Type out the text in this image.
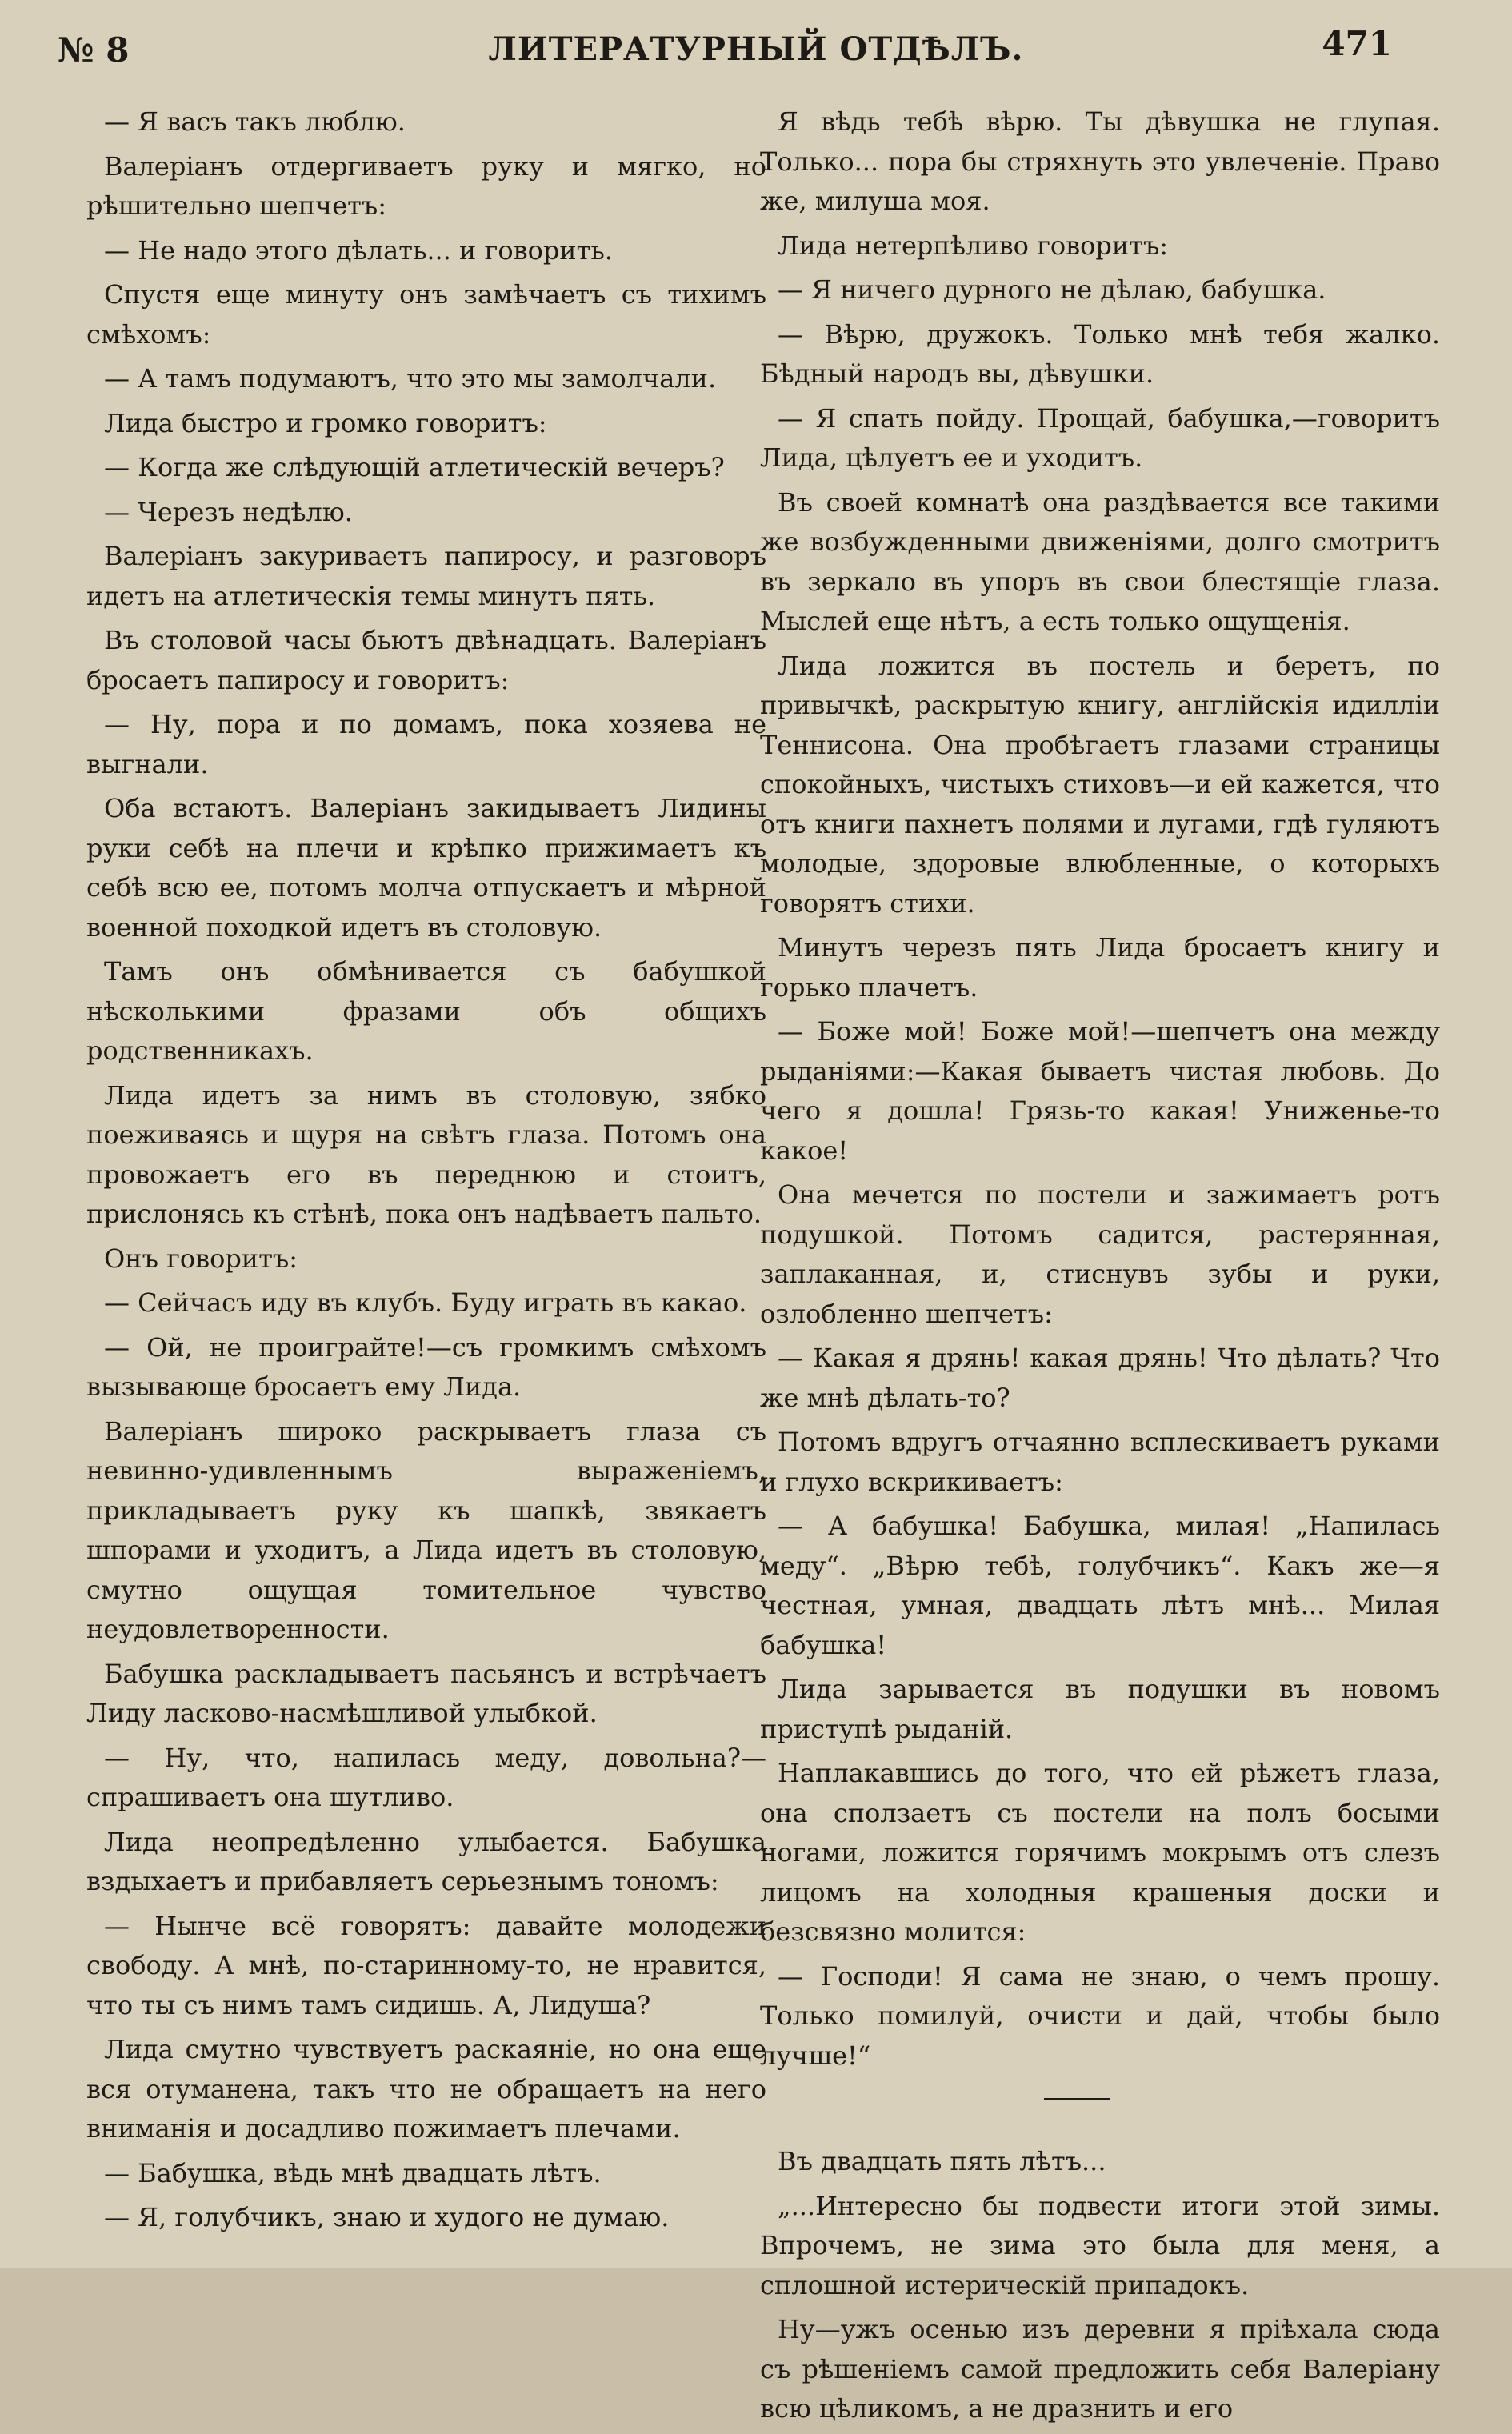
№ 8	ЛИТЕРАТУРНЫЙ ОТДѢЛЪ.	471

— Я васъ такъ люблю.

Валеріанъ отдергиваетъ руку и мягко, но рѣшительно шепчетъ:

— Не надо этого дѣлать... и говорить.

Спустя еще минуту онъ замѣчаетъ съ тихимъ смѣхомъ:

— А тамъ подумаютъ, что это мы замолчали.

Лида быстро и громко говоритъ:

— Когда же слѣдующій атлетическій вечеръ?

— Черезъ недѣлю.

Валеріанъ закуриваетъ папиросу, и разговоръ идетъ на атлетическія темы минутъ пять.

Въ столовой часы бьютъ двѣнадцать. Валеріанъ бросаетъ папиросу и говоритъ:

— Ну, пора и по домамъ, пока хозяева не выгнали.

Оба встаютъ. Валеріанъ закидываетъ Лидины руки себѣ на плечи и крѣпко прижимаетъ къ себѣ всю ее, потомъ молча отпускаетъ и мѣрной военной походкой идетъ въ столовую.

Тамъ онъ обмѣнивается съ бабушкой нѣсколькими фразами объ общихъ родственникахъ.

Лида идетъ за нимъ въ столовую, зябко поеживаясь и щуря на свѣтъ глаза. Потомъ она провожаетъ его въ переднюю и стоитъ, прислонясь къ стѣнѣ, пока онъ надѣваетъ пальто.

Онъ говоритъ:

— Сейчасъ иду въ клубъ. Буду играть въ какао.

— Ой, не проиграйте!—съ громкимъ смѣхомъ вызывающе бросаетъ ему Лида.

Валеріанъ широко раскрываетъ глаза съ невинно-удивленнымъ выраженіемъ, прикладываетъ руку къ шапкѣ, звякаетъ шпорами и уходитъ, а Лида идетъ въ столовую, смутно ощущая томительное чувство неудовлетворенности.

Бабушка раскладываетъ пасьянсъ и встрѣчаетъ Лиду ласково-насмѣшливой улыбкой.

— Ну, что, напилась меду, довольна?— спрашиваетъ она шутливо.

Лида неопредѣленно улыбается. Бабушка вздыхаетъ и прибавляетъ серьезнымъ тономъ:

— Нынче всё говорятъ: давайте молодежи свободу. А мнѣ, по-старинному-то, не нравится, что ты съ нимъ тамъ сидишь. А, Лидуша?

Лида смутно чувствуетъ раскаяніе, но она еще вся отуманена, такъ что не обращаетъ на него вниманія и досадливо пожимаетъ плечами.

— Бабушка, вѣдь мнѣ двадцать лѣтъ.

— Я, голубчикъ, знаю и худого не думаю.

Я вѣдь тебѣ вѣрю. Ты дѣвушка не глупая. Только... пора бы стряхнуть это увлеченіе. Право же, милуша моя.

Лида нетерпѣливо говоритъ:

— Я ничего дурного не дѣлаю, бабушка.

— Вѣрю, дружокъ. Только мнѣ тебя жалко. Бѣдный народъ вы, дѣвушки.

— Я спать пойду. Прощай, бабушка,—говоритъ Лида, цѣлуетъ ее и уходитъ.

Въ своей комнатѣ она раздѣвается все такими же возбужденными движеніями, долго смотритъ въ зеркало въ упоръ въ свои блестящіе глаза. Мыслей еще нѣтъ, а есть только ощущенія.

Лида ложится въ постель и беретъ, по привычкѣ, раскрытую книгу, англійскія идилліи Теннисона. Она пробѣгаетъ глазами страницы спокойныхъ, чистыхъ стиховъ—и ей кажется, что отъ книги пахнетъ полями и лугами, гдѣ гуляютъ молодые, здоровые влюбленные, о которыхъ говорятъ стихи.

Минутъ черезъ пять Лида бросаетъ книгу и горько плачетъ.

— Боже мой! Боже мой!—шепчетъ она между рыданіями:—Какая бываетъ чистая любовь. До чего я дошла! Грязь-то какая! Униженье-то какое!

Она мечется по постели и зажимаетъ ротъ подушкой. Потомъ садится, растерянная, заплаканная, и, стиснувъ зубы и руки, озлобленно шепчетъ:

— Какая я дрянь! какая дрянь! Что дѣлать? Что же мнѣ дѣлать-то?

Потомъ вдругъ отчаянно всплескиваетъ руками и глухо вскрикиваетъ:

— А бабушка! Бабушка, милая! „Напилась меду“. „Вѣрю тебѣ, голубчикъ“. Какъ же—я честная, умная, двадцать лѣтъ мнѣ... Милая бабушка!

Лида зарывается въ подушки въ новомъ приступѣ рыданій.

Наплакавшись до того, что ей рѣжетъ глаза, она сползаетъ съ постели на полъ босыми ногами, ложится горячимъ мокрымъ отъ слезъ лицомъ на холодныя крашеныя доски и безсвязно молится:

— Господи! Я сама не знаю, о чемъ прошу. Только помилуй, очисти и дай, чтобы было лучше!“

Въ двадцать пять лѣтъ...

„...Интересно бы подвести итоги этой зимы. Впрочемъ, не зима это была для меня, а сплошной истерическій припадокъ.

Ну—ужъ осенью изъ деревни я пріѣхала сюда съ рѣшеніемъ самой предложить себя Валеріану всю цѣликомъ, а не дразнить и его
